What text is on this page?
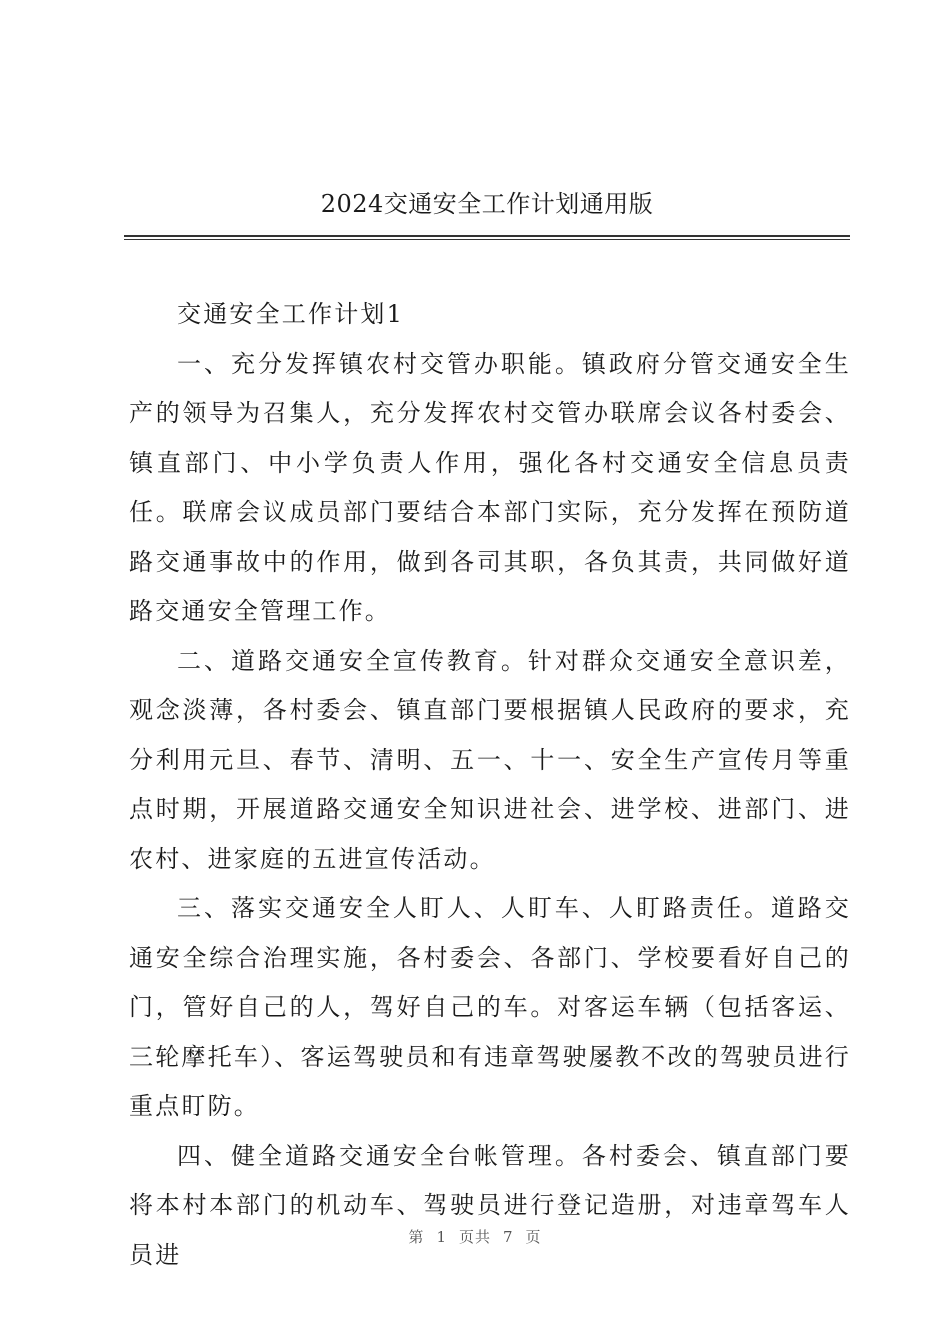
2024交通安全工作计划通用版

交通安全工作计划1

一、充分发挥镇农村交管办职能。镇政府分管交通安全生产的领导为召集人，充分发挥农村交管办联席会议各村委会、镇直部门、中小学负责人作用，强化各村交通安全信息员责任。联席会议成员部门要结合本部门实际，充分发挥在预防道路交通事故中的作用，做到各司其职，各负其责，共同做好道路交通安全管理工作。

二、道路交通安全宣传教育。针对群众交通安全意识差，观念淡薄，各村委会、镇直部门要根据镇人民政府的要求，充分利用元旦、春节、清明、五一、十一、安全生产宣传月等重点时期，开展道路交通安全知识进社会、进学校、进部门、进农村、进家庭的五进宣传活动。

三、落实交通安全人盯人、人盯车、人盯路责任。道路交通安全综合治理实施，各村委会、各部门、学校要看好自己的门，管好自己的人，驾好自己的车。对客运车辆（包括客运、三轮摩托车）、客运驾驶员和有违章驾驶屡教不改的驾驶员进行重点盯防。

四、健全道路交通安全台帐管理。各村委会、镇直部门要将本村本部门的机动车、驾驶员进行登记造册，对违章驾车人员进

第 1 页共 7 页
